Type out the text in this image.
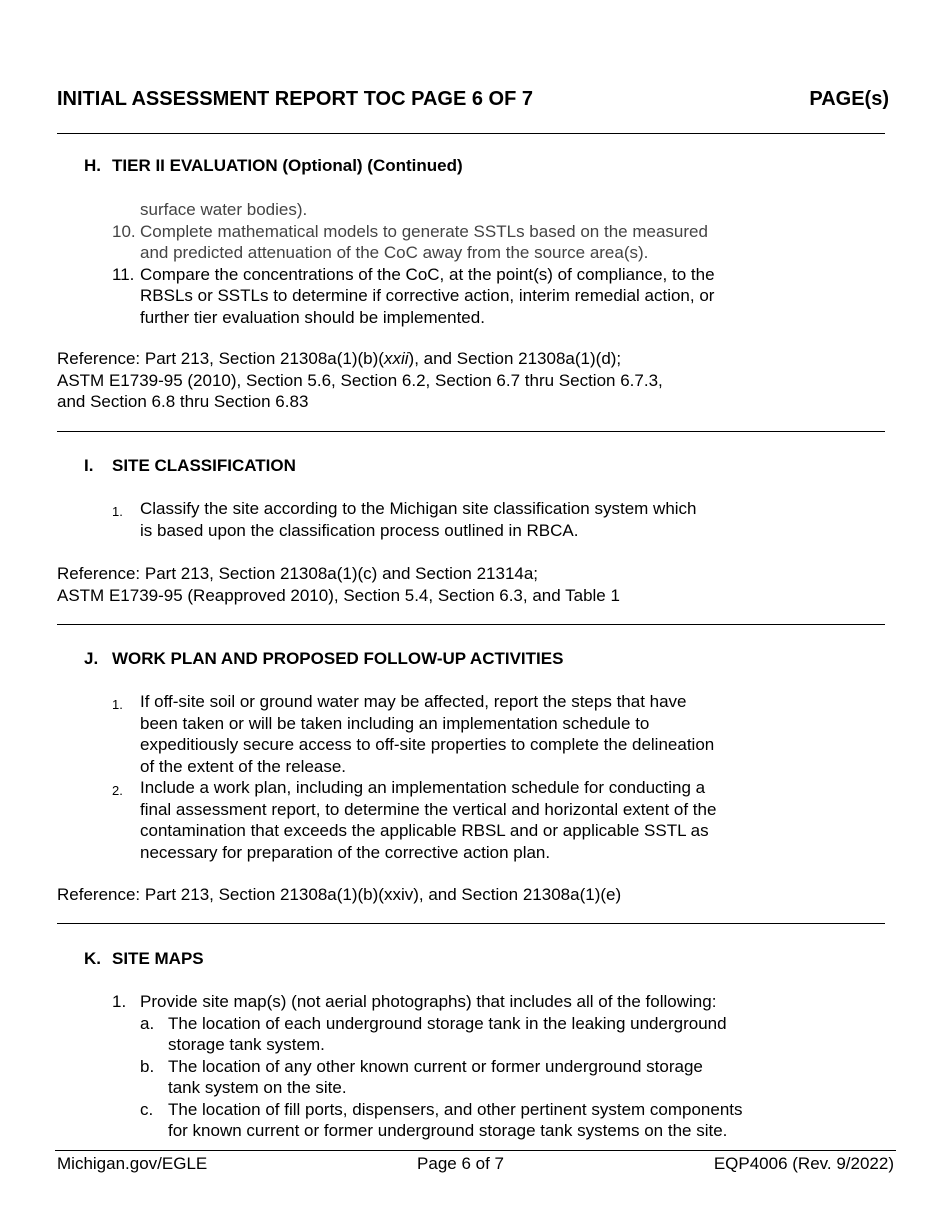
INITIAL ASSESSMENT REPORT TOC PAGE 6 OF 7	PAGE(s)
H. TIER II EVALUATION (Optional) (Continued)
surface water bodies).
10. Complete mathematical models to generate SSTLs based on the measured
and predicted attenuation of the CoC away from the source area(s).
11. Compare the concentrations of the CoC, at the point(s) of compliance, to the
RBSLs or SSTLs to determine if corrective action, interim remedial action, or
further tier evaluation should be implemented.
Reference: Part 213, Section 21308a(1)(b)(xxii), and Section 21308a(1)(d);
ASTM E1739-95 (2010), Section 5.6, Section 6.2, Section 6.7 thru Section 6.7.3,
and Section 6.8 thru Section 6.83
I.	SITE CLASSIFICATION
1.	Classify the site according to the Michigan site classification system which
is based upon the classification process outlined in RBCA.
Reference: Part 213, Section 21308a(1)(c) and Section 21314a;
ASTM E1739-95 (Reapproved 2010), Section 5.4, Section 6.3, and Table 1
J. WORK PLAN AND PROPOSED FOLLOW-UP ACTIVITIES
1.	If off-site soil or ground water may be affected, report the steps that have
been taken or will be taken including an implementation schedule to
expeditiously secure access to off-site properties to complete the delineation
of the extent of the release.
2.	Include a work plan, including an implementation schedule for conducting a
final assessment report, to determine the vertical and horizontal extent of the
contamination that exceeds the applicable RBSL and or applicable SSTL as
necessary for preparation of the corrective action plan.
Reference: Part 213, Section 21308a(1)(b)(xxiv), and Section 21308a(1)(e)
K. SITE MAPS
1. Provide site map(s) (not aerial photographs) that includes all of the following:
a. The location of each underground storage tank in the leaking underground
storage tank system.
b. The location of any other known current or former underground storage
tank system on the site.
c. The location of fill ports, dispensers, and other pertinent system components
for known current or former underground storage tank systems on the site.
Michigan.gov/EGLE	Page 6 of 7	EQP4006 (Rev. 9/2022)
